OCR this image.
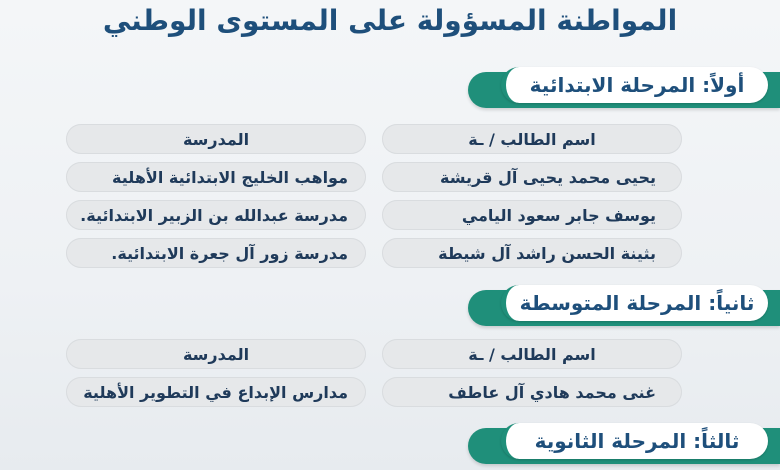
المواطنة المسؤولة على المستوى الوطني
أولاً: المرحلة الابتدائية
اسم الطالب / ـة
المدرسة
يحيى محمد يحيى آل قريشة
مواهب الخليج الابتدائية الأهلية
يوسف جابر سعود اليامي
مدرسة عبدالله بن الزبير الابتدائية.
بثينة الحسن راشد آل شيطة
مدرسة زور آل جعرة الابتدائية.
ثانياً: المرحلة المتوسطة
اسم الطالب / ـة
المدرسة
غنى محمد هادي آل عاطف
مدارس الإبداع في التطوير الأهلية
ثالثاً: المرحلة الثانوية
